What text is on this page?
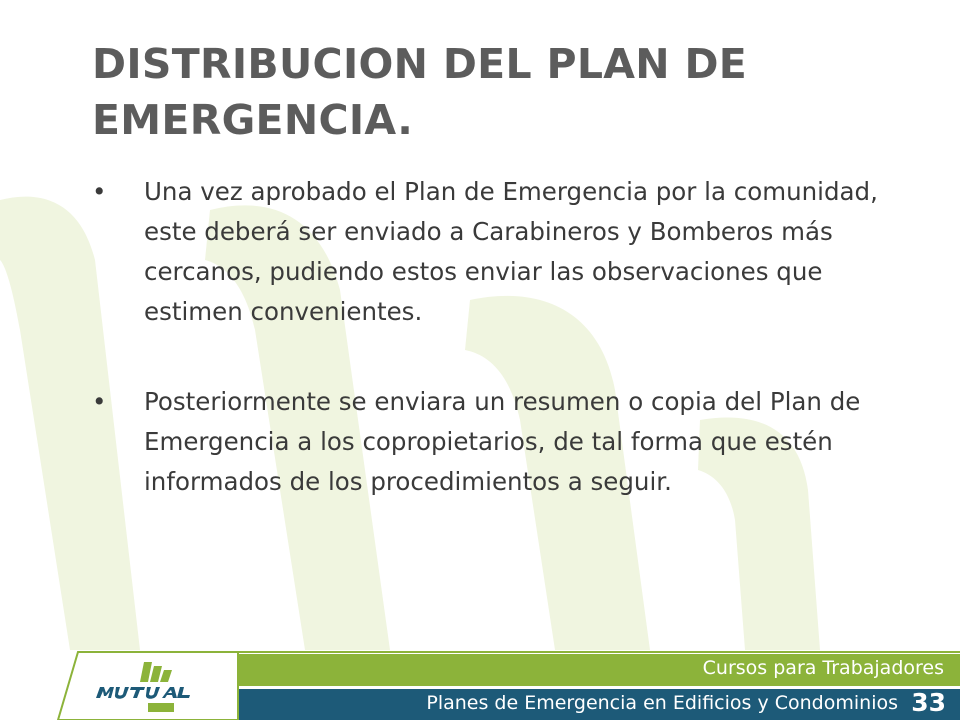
DISTRIBUCION DEL PLAN DE EMERGENCIA.
• Una vez aprobado el Plan de Emergencia por la comunidad, este deberá ser enviado a Carabineros y Bomberos más cercanos, pudiendo estos enviar las observaciones que estimen convenientes.
• Posteriormente se enviara un resumen o copia del Plan de Emergencia a los copropietarios, de tal forma que estén informados de los procedimientos a seguir.
Cursos para Trabajadores
Planes de Emergencia en Edificios y Condominios 33
